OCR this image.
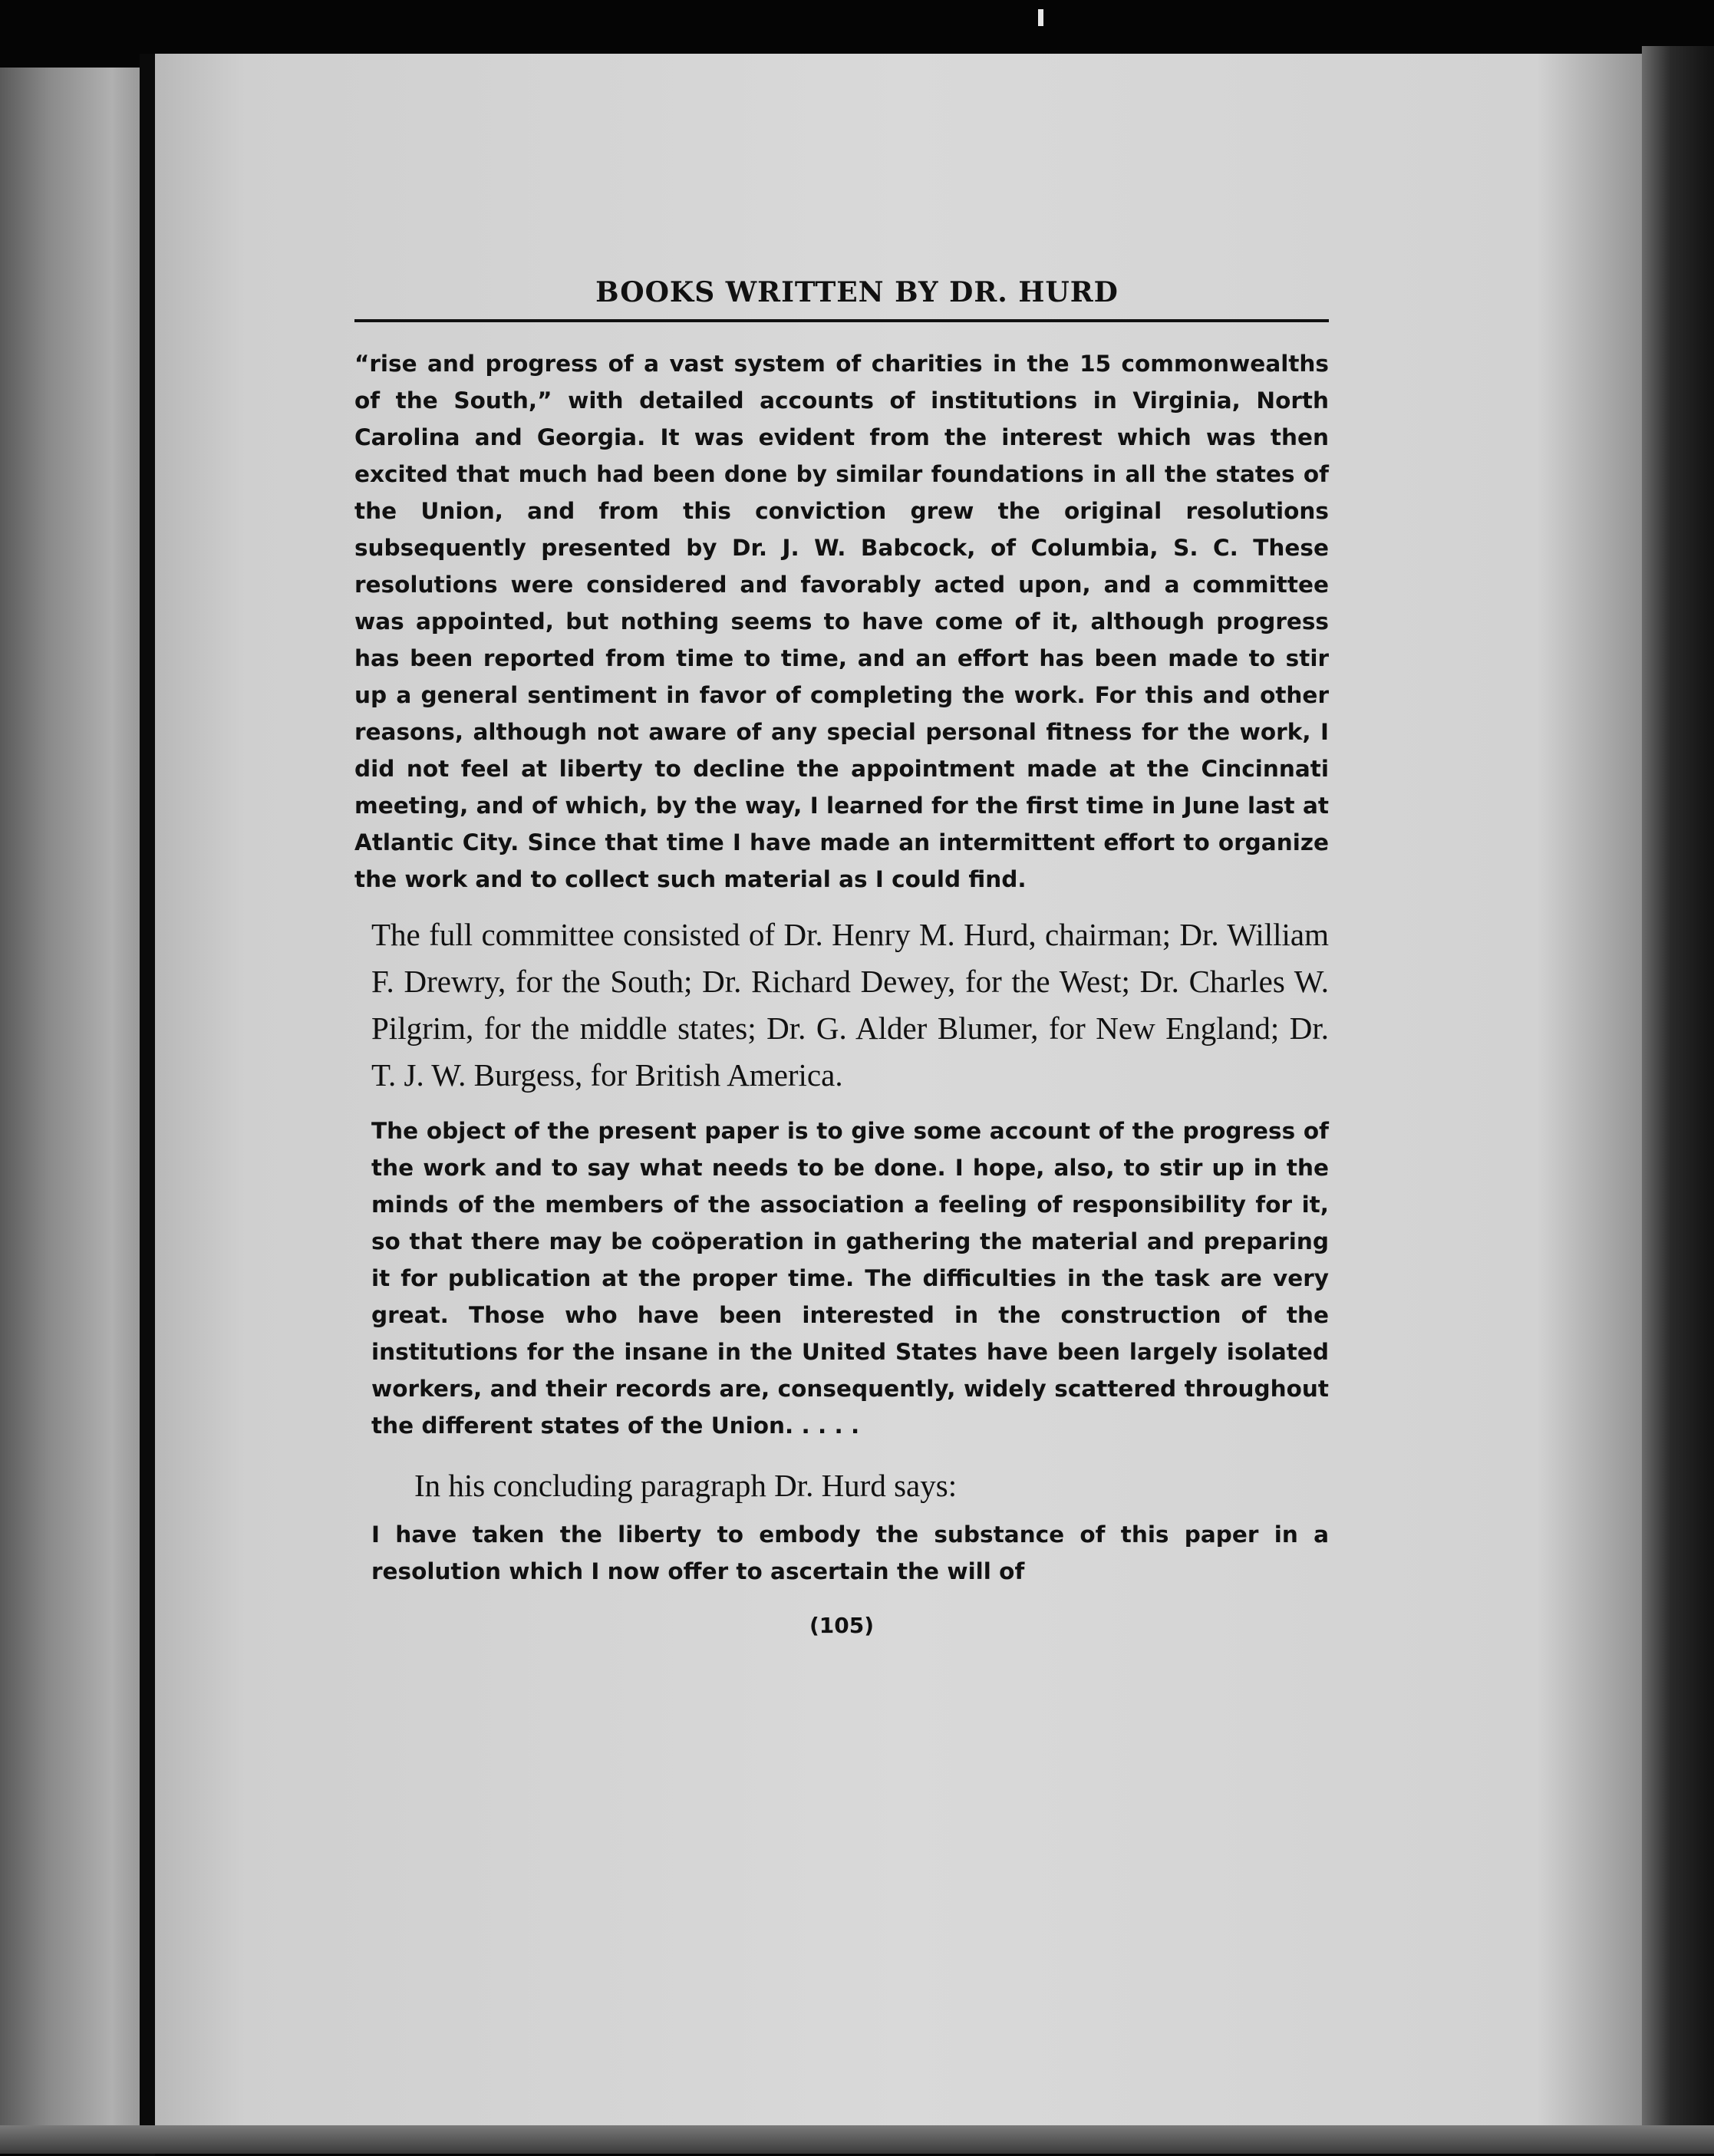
BOOKS WRITTEN BY DR. HURD

“rise and progress of a vast system of charities in the 15 commonwealths of the South,” with detailed accounts of institutions in Virginia, North Carolina and Georgia. It was evident from the interest which was then excited that much had been done by similar foundations in all the states of the Union, and from this conviction grew the original resolutions subsequently presented by Dr. J. W. Babcock, of Columbia, S. C. These resolutions were considered and favorably acted upon, and a committee was appointed, but nothing seems to have come of it, although progress has been reported from time to time, and an effort has been made to stir up a general sentiment in favor of completing the work. For this and other reasons, although not aware of any special personal fitness for the work, I did not feel at liberty to decline the appointment made at the Cincinnati meeting, and of which, by the way, I learned for the first time in June last at Atlantic City. Since that time I have made an intermittent effort to organize the work and to collect such material as I could find.

The full committee consisted of Dr. Henry M. Hurd, chairman; Dr. William F. Drewry, for the South; Dr. Richard Dewey, for the West; Dr. Charles W. Pilgrim, for the middle states; Dr. G. Alder Blumer, for New England; Dr. T. J. W. Burgess, for British America.

The object of the present paper is to give some account of the progress of the work and to say what needs to be done. I hope, also, to stir up in the minds of the members of the association a feeling of responsibility for it, so that there may be coöperation in gathering the material and preparing it for publication at the proper time. The difficulties in the task are very great. Those who have been interested in the construction of the institutions for the insane in the United States have been largely isolated workers, and their records are, consequently, widely scattered throughout the different states of the Union. . . . .

In his concluding paragraph Dr. Hurd says:

I have taken the liberty to embody the substance of this paper in a resolution which I now offer to ascertain the will of

(105)
